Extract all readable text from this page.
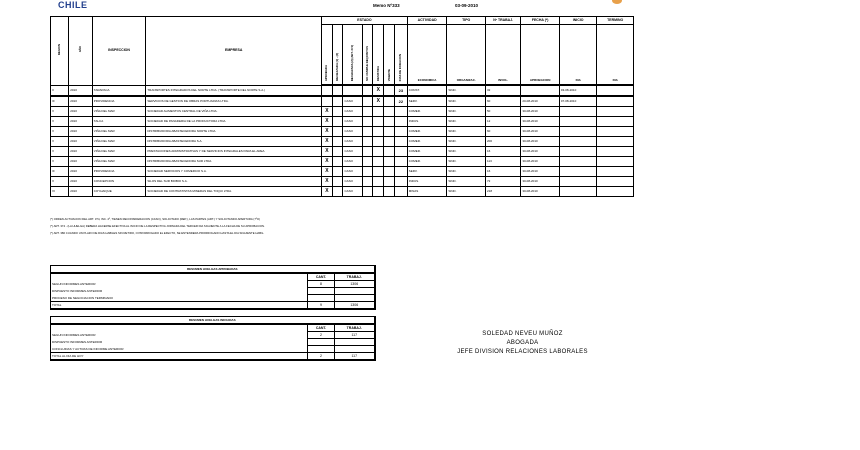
CHILE	Memo Nº333	03-09-2010
REGION	AÑO	INSPECCION	EMPRESA	ESTADO							ACTIVIDAD	TIPO	Nº TRABAJ.	FECHA (*)	INICIO	TERMINO
				APROBADA	RECHAZADA (1) - (3)	RECHAZADA (2) (ART. 374)	NO CUMPLE REQUISITOS	DESISTIDA	VIGENTE	DIAS DE DURACION	ECONOMICA	ORGANIZAC.	INVOL.	APROBACION	DIA	DIA
II	2010	TARAPACA	TRANSPORTES INTEGRADOS DEL NORTE LTDA. (TRANSPORTE DEL NORTE S.A.)					X		23	CONST.	SIND.	32		03-08-2010	
III	2010	PROVIDENCIA	SERVICIOS DE GESTION DE OBRAS PORTUARIAS LTDA.			CASO		X		22	SERV.	SIND.	60	20-08-2010	07-08-2010	
V	2010	VIÑA DEL MAR	SOCIEDAD ALIMENTOS CENTRAL DE VIÑA LTDA.	X		CASO					COMER.	SIND.	50	30-08-2010		
V	2010	TALCA	SOCIEDAD DE PANADERIA DE LA PRODUCTORA LTDA.	X		CASO					INDUS.	SIND.	12	30-08-2010		
V	2010	VIÑA DEL MAR	DISTRIBUIDORA ABASTECEDORA NORTE LTDA.	X		CASO					COMER.	SIND.	60	30-08-2010		
V	2010	VIÑA DEL MAR	DISTRIBUIDORA ABASTECEDORA S.A.	X		CASO					COMER.	SIND.	200	30-08-2010		
V	2010	VIÑA DEL MAR	PRESTACIONES ADMINISTRATIVAS Y DE SERVICIOS INTEGRALES PARA EL AREA	X		CASO					COMER.	SIND.	16	30-08-2010		
V	2010	VIÑA DEL MAR	DISTRIBUIDORA ABASTECEDORA SUR LTDA.	X		CASO					COMER.	SIND.	113	30-08-2010		
III	2010	PROVIDENCIA	SOCIEDAD SERVICIOS Y COMERCIO S.A.	X		CASO					SERV.	SIND.	16	30-08-2010		
X	2010	CONCEPCION	SILOS DEL SUR BIOBIO S.A.	X		CASO					INDUS.	SIND.	72	30-08-2010		
XI	2010	COYHAIQUE	SOCIEDAD DE CONTRATISTAS MINERAS DEL TOQUI LTDA.	X		CASO					MINAS	SIND.	218	30-08-2010		
(*) ORDEN ACTIVACION DEL ART. 374, INC. 2º, TIENEN RECONSIDERACION (CASO), SOLICITADO (REP.), LAS PARTES (ART.) Y SOLICITANDO APERTURA (7ºO)
(*) ART. 374 - (LA HUELGA) DEBERA HACERSE EFECTIVA AL INICIO DE LA RESPECTIVA JORNADA DEL TERCER DIA SIGUIENTE A LA FECHA DE SU APROBACION.
(*) ART. 380 CUANDO UN PLAZO DE DIAS HABILES SIN RETIRO, O PRORROGADO EL EFECTO, SE ENTENDERA PRORROGADO HASTA EL DIA SIGUIENTE HABIL.
RESUMEN HUELGAS APROBADAS		
	CANT.	TRABAJ.
SEGUN INFORMES ANTERIOR	8	1306
DISPUESTO INFORMES ANTERIOR		
PROCESO DE NEGOCIACION TERMINADO		
TOTAL	9	1306
RESUMEN HUELGAS INICIADAS		
	CANT.	TRABAJ.
SEGUN INFORMES ANTERIOR	2	117
DISPUESTO INFORMES ANTERIOR		
CONCLUIDAS Y ACTIVAS DE INFORME ANTERIOR		
TOTAL AL DIA DE HOY	2	117
SOLEDAD NEVEU MUÑOZ
ABOGADA
JEFE DIVISION RELACIONES LABORALES
